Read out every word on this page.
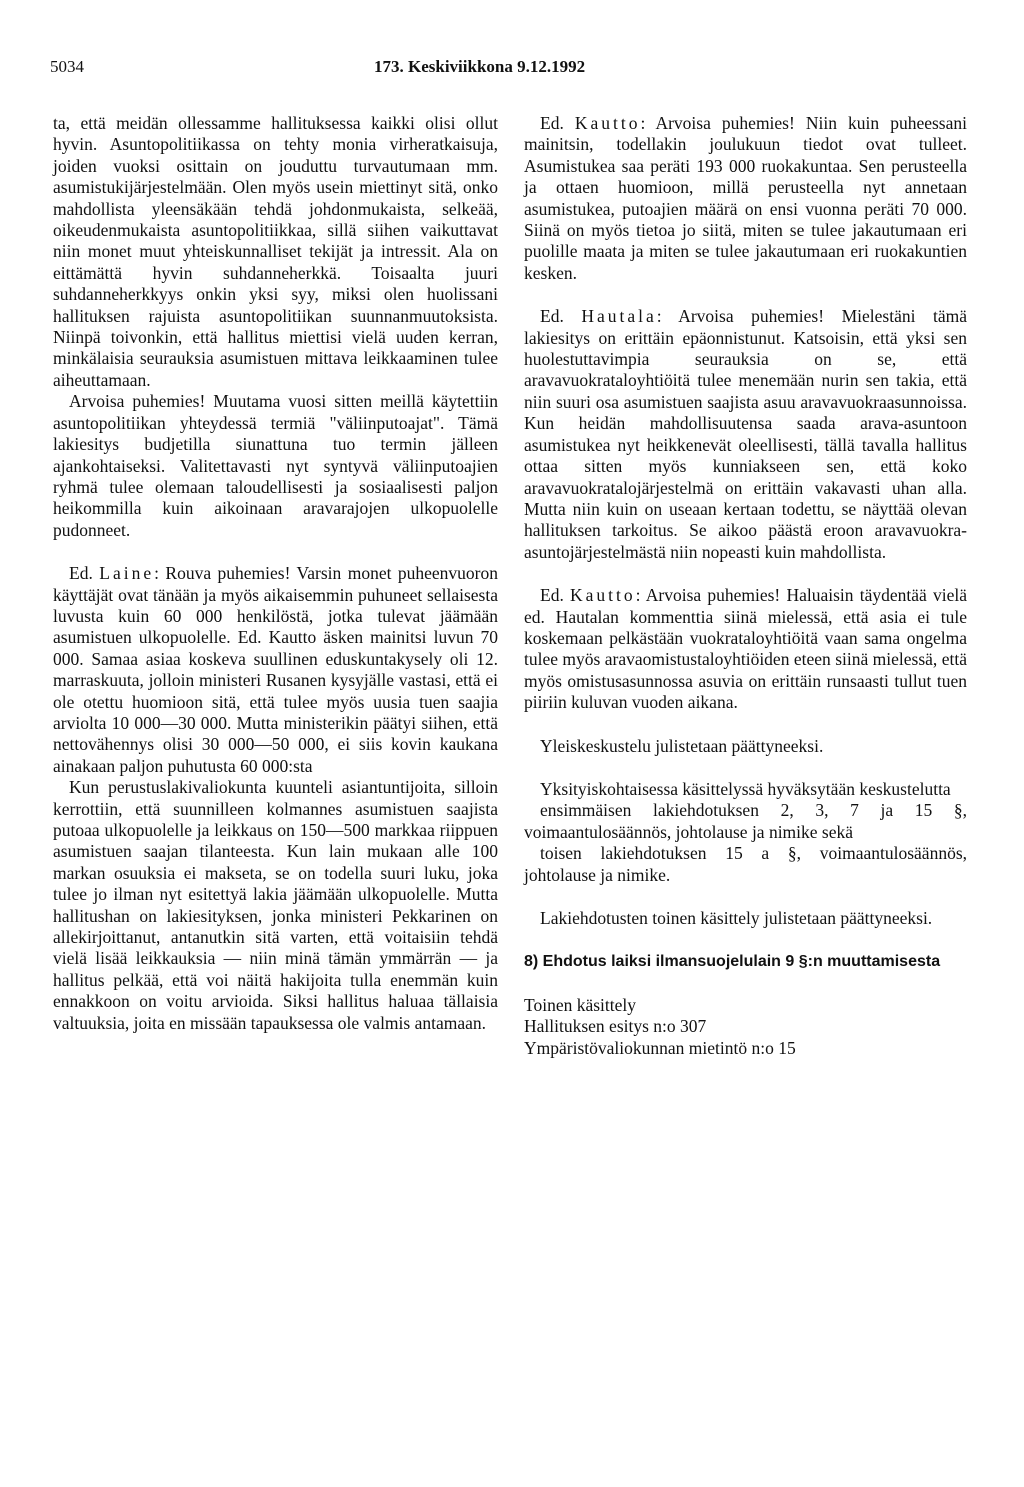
5034	173. Keskiviikkona 9.12.1992

ta, että meidän ollessamme hallituksessa kaikki olisi ollut hyvin. Asuntopolitiikassa on tehty monia virheratkaisuja, joiden vuoksi osittain on jouduttu turvautumaan mm. asumistukijärjestelmään. Olen myös usein miettinyt sitä, onko mahdollista yleensäkään tehdä johdonmukaista, selkeää, oikeudenmukaista asuntopolitiikkaa, sillä siihen vaikuttavat niin monet muut yhteiskunnalliset tekijät ja intressit. Ala on eittämättä hyvin suhdanneherkkä. Toisaalta juuri suhdanneherkkyys onkin yksi syy, miksi olen huolissani hallituksen rajuista asuntopolitiikan suunnanmuutoksista. Niinpä toivonkin, että hallitus miettisi vielä uuden kerran, minkälaisia seurauksia asumistuen mittava leikkaaminen tulee aiheuttamaan.

Arvoisa puhemies! Muutama vuosi sitten meillä käytettiin asuntopolitiikan yhteydessä termiä "väliinputoajat". Tämä lakiesitys budjetilla siunattuna tuo termin jälleen ajankohtaiseksi. Valitettavasti nyt syntyvä väliinputoajien ryhmä tulee olemaan taloudellisesti ja sosiaalisesti paljon heikommilla kuin aikoinaan aravarajojen ulkopuolelle pudonneet.

Ed. Laine: Rouva puhemies! Varsin monet puheenvuoron käyttäjät ovat tänään ja myös aikaisemmin puhuneet sellaisesta luvusta kuin 60 000 henkilöstä, jotka tulevat jäämään asumistuen ulkopuolelle. Ed. Kautto äsken mainitsi luvun 70 000. Samaa asiaa koskeva suullinen eduskuntakysely oli 12. marraskuuta, jolloin ministeri Rusanen kysyjälle vastasi, että ei ole otettu huomioon sitä, että tulee myös uusia tuen saajia arviolta 10 000—30 000. Mutta ministerikin päätyi siihen, että nettovähennys olisi 30 000—50 000, ei siis kovin kaukana ainakaan paljon puhutusta 60 000:sta

Kun perustuslakivaliokunta kuunteli asiantuntijoita, silloin kerrottiin, että suunnilleen kolmannes asumistuen saajista putoaa ulkopuolelle ja leikkaus on 150—500 markkaa riippuen asumistuen saajan tilanteesta. Kun lain mukaan alle 100 markan osuuksia ei makseta, se on todella suuri luku, joka tulee jo ilman nyt esitettyä lakia jäämään ulkopuolelle. Mutta hallitushan on lakiesityksen, jonka ministeri Pekkarinen on allekirjoittanut, antanutkin sitä varten, että voitaisiin tehdä vielä lisää leikkauksia — niin minä tämän ymmärrän — ja hallitus pelkää, että voi näitä hakijoita tulla enemmän kuin ennakkoon on voitu arvioida. Siksi hallitus haluaa tällaisia valtuuksia, joita en missään tapauksessa ole valmis antamaan.

Ed. Kautto: Arvoisa puhemies! Niin kuin puheessani mainitsin, todellakin joulukuun tiedot ovat tulleet. Asumistukea saa peräti 193 000 ruokakuntaa. Sen perusteella ja ottaen huomioon, millä perusteella nyt annetaan asumistukea, putoajien määrä on ensi vuonna peräti 70 000. Siinä on myös tietoa jo siitä, miten se tulee jakautumaan eri puolille maata ja miten se tulee jakautumaan eri ruokakuntien kesken.

Ed. Hautala: Arvoisa puhemies! Mielestäni tämä lakiesitys on erittäin epäonnistunut. Katsoisin, että yksi sen huolestuttavimpia seurauksia on se, että aravavuokrataloyhtiöitä tulee menemään nurin sen takia, että niin suuri osa asumistuen saajista asuu aravavuokraasunnoissa. Kun heidän mahdollisuutensa saada arava-asuntoon asumistukea nyt heikkenevät oleellisesti, tällä tavalla hallitus ottaa sitten myös kunniakseen sen, että koko aravavuokratalojärjestelmä on erittäin vakavasti uhan alla. Mutta niin kuin on useaan kertaan todettu, se näyttää olevan hallituksen tarkoitus. Se aikoo päästä eroon aravavuokra-asuntojärjestelmästä niin nopeasti kuin mahdollista.

Ed. Kautto: Arvoisa puhemies! Haluaisin täydentää vielä ed. Hautalan kommenttia siinä mielessä, että asia ei tule koskemaan pelkästään vuokrataloyhtiöitä vaan sama ongelma tulee myös aravaomistustaloyhtiöiden eteen siinä mielessä, että myös omistusasunnossa asuvia on erittäin runsaasti tullut tuen piiriin kuluvan vuoden aikana.

Yleiskeskustelu julistetaan päättyneeksi.

Yksityiskohtaisessa käsittelyssä hyväksytään keskustelutta

ensimmäisen lakiehdotuksen 2, 3, 7 ja 15 §, voimaantulosäännös, johtolause ja nimike sekä

toisen lakiehdotuksen 15 a §, voimaantulosäännös, johtolause ja nimike.

Lakiehdotusten toinen käsittely julistetaan päättyneeksi.

8) Ehdotus laiksi ilmansuojelulain 9 §:n muuttamisesta

Toinen käsittely

Hallituksen esitys n:o 307

Ympäristövaliokunnan mietintö n:o 15
